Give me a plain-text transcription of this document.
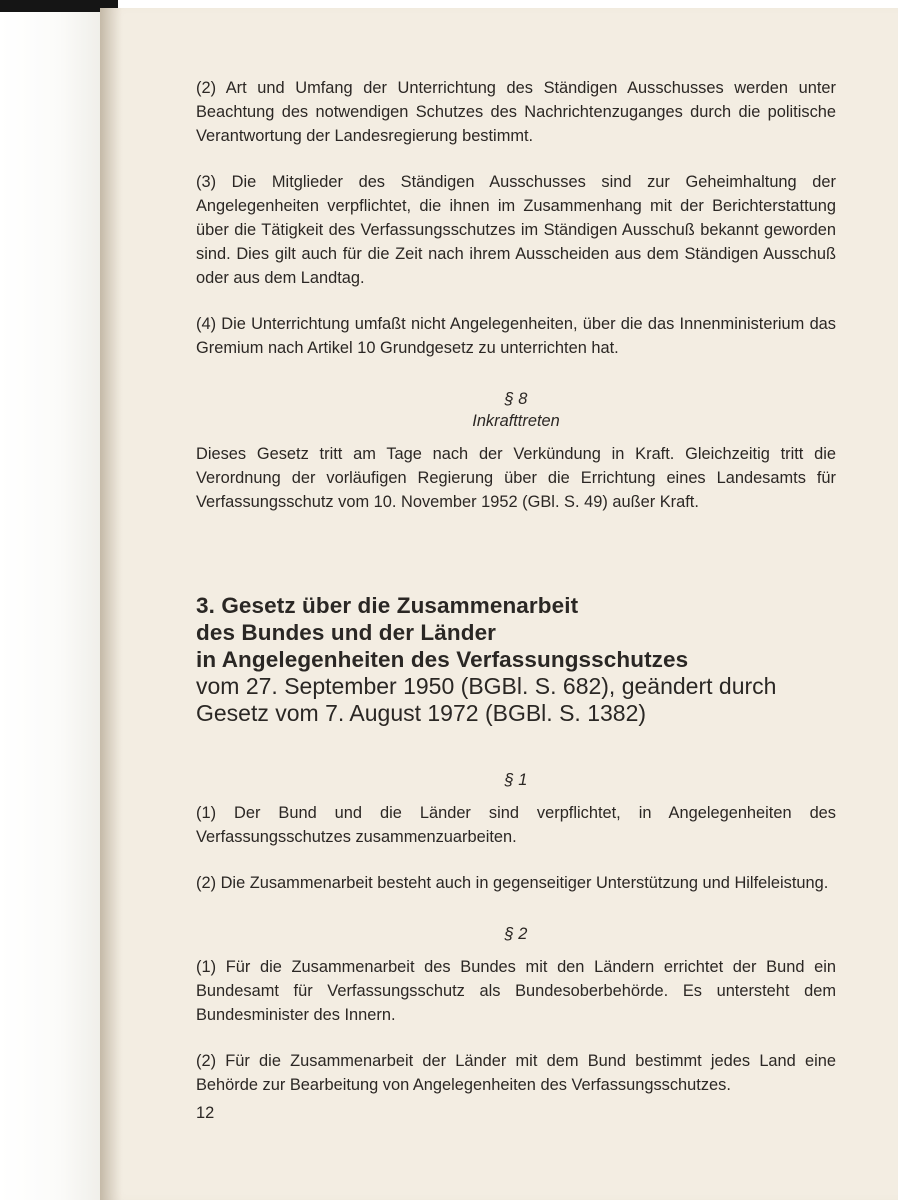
(2) Art und Umfang der Unterrichtung des Ständigen Ausschusses werden unter Beachtung des notwendigen Schutzes des Nachrichtenzuganges durch die politische Verantwortung der Landesregierung bestimmt.

(3) Die Mitglieder des Ständigen Ausschusses sind zur Geheimhaltung der Angelegenheiten verpflichtet, die ihnen im Zusammenhang mit der Berichterstattung über die Tätigkeit des Verfassungsschutzes im Ständigen Ausschuß bekannt geworden sind. Dies gilt auch für die Zeit nach ihrem Ausscheiden aus dem Ständigen Ausschuß oder aus dem Landtag.

(4) Die Unterrichtung umfaßt nicht Angelegenheiten, über die das Innenministerium das Gremium nach Artikel 10 Grundgesetz zu unterrichten hat.

§ 8
Inkrafttreten

Dieses Gesetz tritt am Tage nach der Verkündung in Kraft. Gleichzeitig tritt die Verordnung der vorläufigen Regierung über die Errichtung eines Landesamts für Verfassungsschutz vom 10. November 1952 (GBl. S. 49) außer Kraft.

3. Gesetz über die Zusammenarbeit
des Bundes und der Länder
in Angelegenheiten des Verfassungsschutzes
vom 27. September 1950 (BGBl. S. 682), geändert durch
Gesetz vom 7. August 1972 (BGBl. S. 1382)
§ 1

(1) Der Bund und die Länder sind verpflichtet, in Angelegenheiten des Verfassungsschutzes zusammenzuarbeiten.

(2) Die Zusammenarbeit besteht auch in gegenseitiger Unterstützung und Hilfeleistung.

§ 2

(1) Für die Zusammenarbeit des Bundes mit den Ländern errichtet der Bund ein Bundesamt für Verfassungsschutz als Bundesoberbehörde. Es untersteht dem Bundesminister des Innern.

(2) Für die Zusammenarbeit der Länder mit dem Bund bestimmt jedes Land eine Behörde zur Bearbeitung von Angelegenheiten des Verfassungsschutzes.

12
